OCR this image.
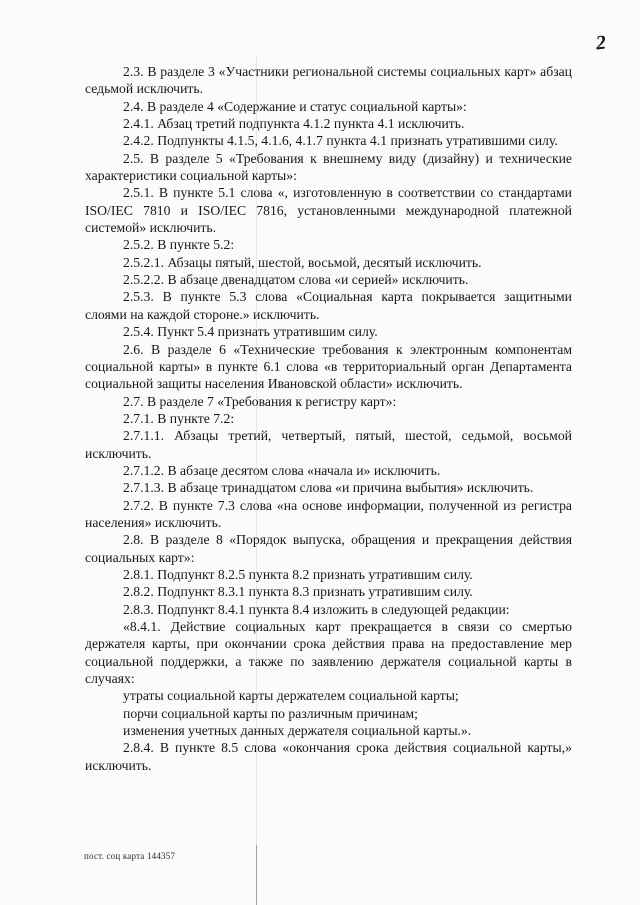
2

2.3. В разделе 3 «Участники региональной системы социальных карт» абзац седьмой исключить.

2.4. В разделе 4 «Содержание и статус социальной карты»:

2.4.1. Абзац третий подпункта 4.1.2 пункта 4.1 исключить.

2.4.2. Подпункты 4.1.5, 4.1.6, 4.1.7 пункта 4.1 признать утратившими силу.

2.5. В разделе 5 «Требования к внешнему виду (дизайну) и технические характеристики социальной карты»:

2.5.1. В пункте 5.1 слова «, изготовленную в соответствии со стандартами ISO/IEC 7810 и ISO/IEC 7816, установленными международной платежной системой» исключить.

2.5.2. В пункте 5.2:

2.5.2.1. Абзацы пятый, шестой, восьмой, десятый исключить.

2.5.2.2. В абзаце двенадцатом слова «и серией» исключить.

2.5.3. В пункте 5.3 слова «Социальная карта покрывается защитными слоями на каждой стороне.» исключить.

2.5.4. Пункт 5.4 признать утратившим силу.

2.6. В разделе 6 «Технические требования к электронным компонентам социальной карты» в пункте 6.1 слова «в территориальный орган Департамента социальной защиты населения Ивановской области» исключить.

2.7. В разделе 7 «Требования к регистру карт»:

2.7.1. В пункте 7.2:

2.7.1.1. Абзацы третий, четвертый, пятый, шестой, седьмой, восьмой исключить.

2.7.1.2. В абзаце десятом слова «начала и» исключить.

2.7.1.3. В абзаце тринадцатом слова «и причина выбытия» исключить.

2.7.2. В пункте 7.3 слова «на основе информации, полученной из регистра населения» исключить.

2.8. В разделе 8 «Порядок выпуска, обращения и прекращения действия социальных карт»:

2.8.1. Подпункт 8.2.5 пункта 8.2 признать утратившим силу.

2.8.2. Подпункт 8.3.1 пункта 8.3 признать утратившим силу.

2.8.3. Подпункт 8.4.1 пункта 8.4 изложить в следующей редакции:

«8.4.1. Действие социальных карт прекращается в связи со смертью держателя карты, при окончании срока действия права на предоставление мер социальной поддержки, а также по заявлению держателя социальной карты в случаях:

утраты социальной карты держателем социальной карты;

порчи социальной карты по различным причинам;

изменения учетных данных держателя социальной карты.».

2.8.4. В пункте 8.5 слова «окончания срока действия социальной карты,» исключить.

пост. соц карта 144357
